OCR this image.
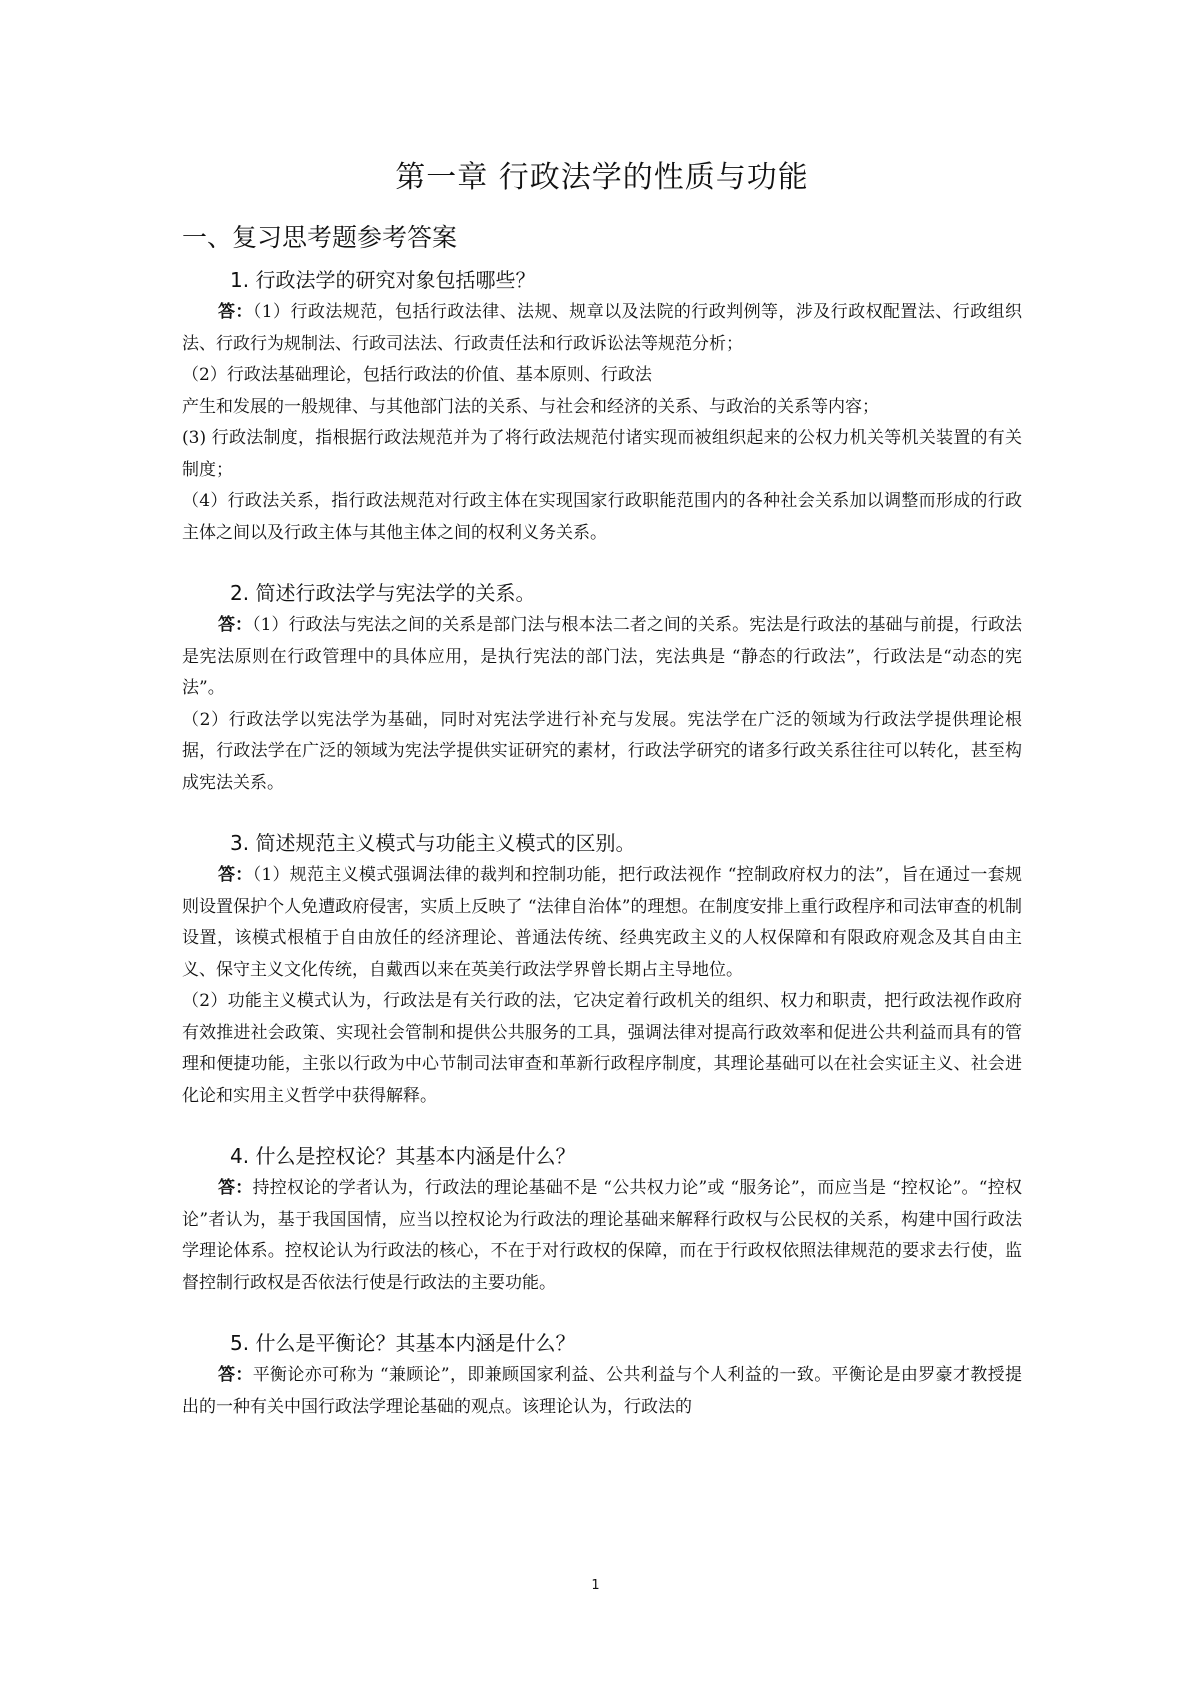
第一章 行政法学的性质与功能
一、复习思考题参考答案
1. 行政法学的研究对象包括哪些？

答：（1）行政法规范，包括行政法律、法规、规章以及法院的行政判例等，涉及行政权配置法、行政组织法、行政行为规制法、行政司法法、行政责任法和行政诉讼法等规范分析；

（2）行政法基础理论，包括行政法的价值、基本原则、行政法

产生和发展的一般规律、与其他部门法的关系、与社会和经济的关系、与政治的关系等内容；

(3) 行政法制度，指根据行政法规范并为了将行政法规范付诸实现而被组织起来的公权力机关等机关装置的有关制度；

（4）行政法关系，指行政法规范对行政主体在实现国家行政职能范围内的各种社会关系加以调整而形成的行政主体之间以及行政主体与其他主体之间的权利义务关系。

2. 简述行政法学与宪法学的关系。

答：（1）行政法与宪法之间的关系是部门法与根本法二者之间的关系。宪法是行政法的基础与前提，行政法是宪法原则在行政管理中的具体应用，是执行宪法的部门法，宪法典是 “静态的行政法”，行政法是“动态的宪法”。

（2）行政法学以宪法学为基础，同时对宪法学进行补充与发展。宪法学在广泛的领域为行政法学提供理论根据，行政法学在广泛的领域为宪法学提供实证研究的素材，行政法学研究的诸多行政关系往往可以转化，甚至构成宪法关系。

3. 简述规范主义模式与功能主义模式的区别。

答：（1）规范主义模式强调法律的裁判和控制功能，把行政法视作 “控制政府权力的法”，旨在通过一套规则设置保护个人免遭政府侵害，实质上反映了 “法律自治体”的理想。在制度安排上重行政程序和司法审查的机制设置，该模式根植于自由放任的经济理论、普通法传统、经典宪政主义的人权保障和有限政府观念及其自由主义、保守主义文化传统，自戴西以来在英美行政法学界曾长期占主导地位。

（2）功能主义模式认为，行政法是有关行政的法，它决定着行政机关的组织、权力和职责，把行政法视作政府有效推进社会政策、实现社会管制和提供公共服务的工具，强调法律对提高行政效率和促进公共利益而具有的管理和便捷功能，主张以行政为中心节制司法审查和革新行政程序制度，其理论基础可以在社会实证主义、社会进化论和实用主义哲学中获得解释。

4. 什么是控权论？其基本内涵是什么？

答：持控权论的学者认为，行政法的理论基础不是 “公共权力论”或 “服务论”，而应当是 “控权论”。“控权论”者认为，基于我国国情，应当以控权论为行政法的理论基础来解释行政权与公民权的关系，构建中国行政法学理论体系。控权论认为行政法的核心，不在于对行政权的保障，而在于行政权依照法律规范的要求去行使，监督控制行政权是否依法行使是行政法的主要功能。

5. 什么是平衡论？其基本内涵是什么？

答：平衡论亦可称为 “兼顾论”，即兼顾国家利益、公共利益与个人利益的一致。平衡论是由罗豪才教授提出的一种有关中国行政法学理论基础的观点。该理论认为，行政法的

1
